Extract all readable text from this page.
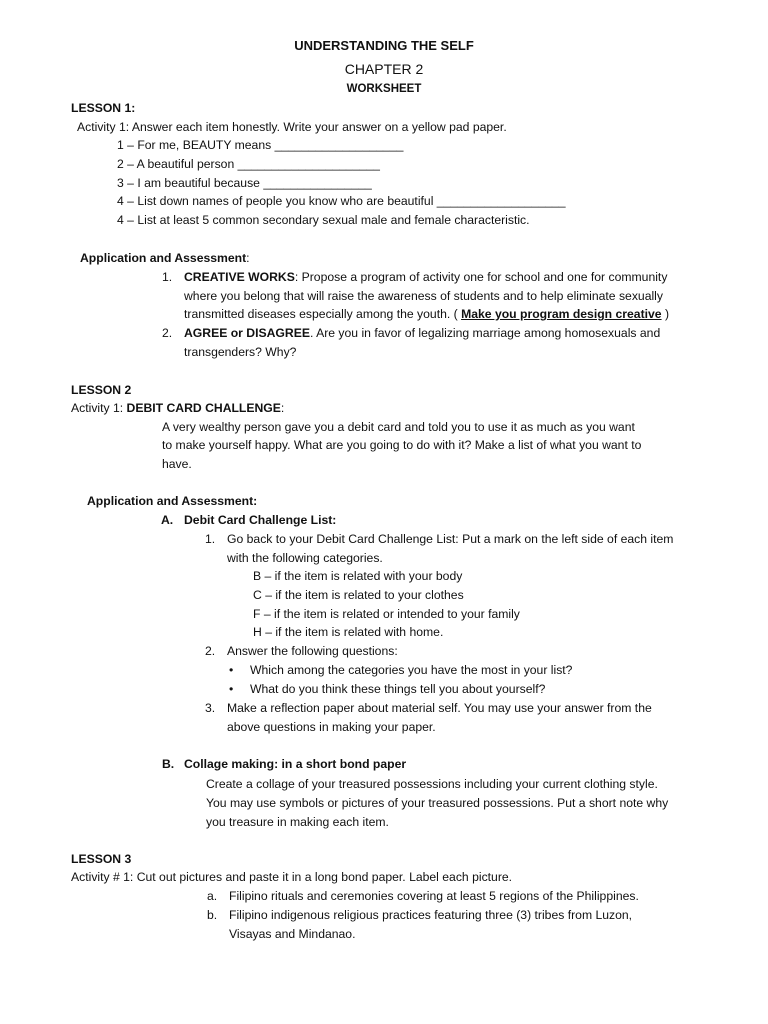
UNDERSTANDING THE SELF
CHAPTER 2
WORKSHEET
LESSON 1:
Activity 1: Answer each item honestly. Write your answer on a yellow pad paper.
1 – For me, BEAUTY means ___________________
2 – A beautiful person _____________________
3 – I am beautiful because ________________
4 – List down names of people you know who are beautiful ___________________
4 – List at least 5 common secondary sexual male and female characteristic.
Application and Assessment:
1. CREATIVE WORKS: Propose a program of activity one for school and one for community
where you belong that will raise the awareness of students and to help eliminate sexually
transmitted diseases especially among the youth. ( Make you program design creative )
2. AGREE or DISAGREE. Are you in favor of legalizing marriage among homosexuals and
transgenders? Why?
LESSON 2
Activity 1: DEBIT CARD CHALLENGE:
A very wealthy person gave you a debit card and told you to use it as much as you want
to make yourself happy. What are you going to do with it? Make a list of what you want to
have.
Application and Assessment:
A. Debit Card Challenge List:
1. Go back to your Debit Card Challenge List: Put a mark on the left side of each item
with the following categories.
B – if the item is related with your body
C – if the item is related to your clothes
F – if the item is related or intended to your family
H – if the item is related with home.
2. Answer the following questions:
• Which among the categories you have the most in your list?
• What do you think these things tell you about yourself?
3. Make a reflection paper about material self. You may use your answer from the
above questions in making your paper.
B. Collage making: in a short bond paper
Create a collage of your treasured possessions including your current clothing style.
You may use symbols or pictures of your treasured possessions. Put a short note why
you treasure in making each item.
LESSON 3
Activity # 1: Cut out pictures and paste it in a long bond paper. Label each picture.
a. Filipino rituals and ceremonies covering at least 5 regions of the Philippines.
b. Filipino indigenous religious practices featuring three (3) tribes from Luzon,
Visayas and Mindanao.
